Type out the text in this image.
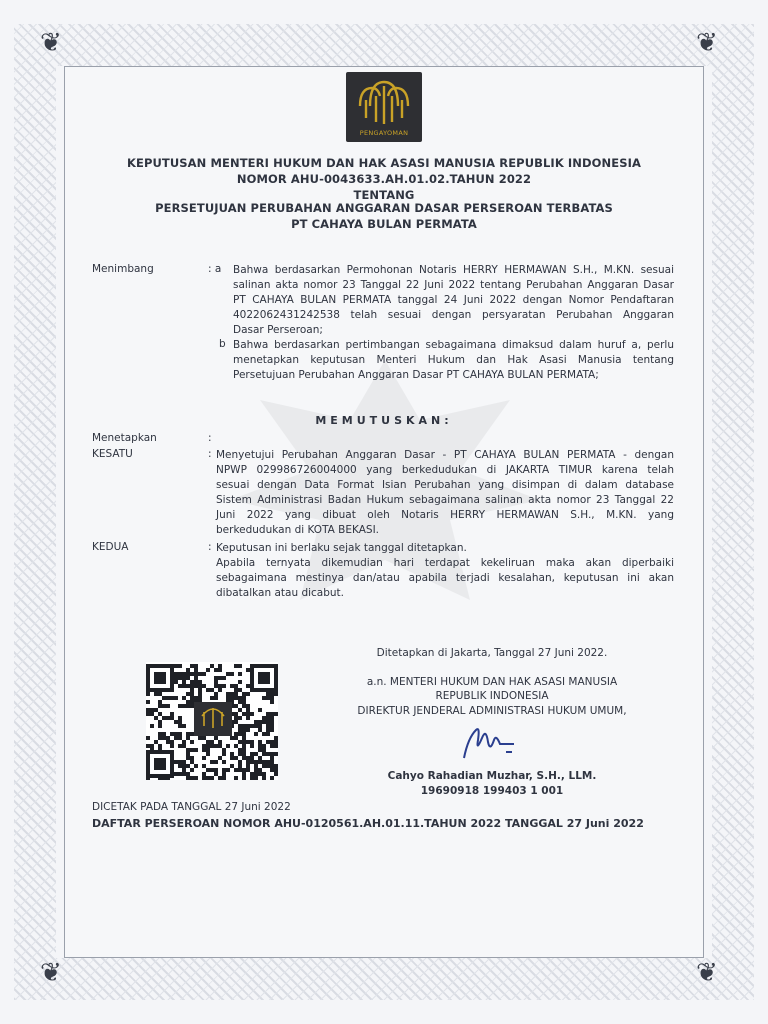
❦	❦
❦	❦
PENGAYOMAN
KEPUTUSAN MENTERI HUKUM DAN HAK ASASI MANUSIA REPUBLIK INDONESIA
NOMOR AHU-0043633.AH.01.02.TAHUN 2022
TENTANG
PERSETUJUAN PERUBAHAN ANGGARAN DASAR PERSEROAN TERBATAS
PT CAHAYA BULAN PERMATA
Menimbang	: a Bahwa berdasarkan Permohonan Notaris HERRY HERMAWAN S.H., M.KN. sesuai
salinan akta nomor 23 Tanggal 22 Juni 2022 tentang Perubahan Anggaran Dasar
PT CAHAYA BULAN PERMATA tanggal 24 Juni 2022 dengan Nomor Pendaftaran
4022062431242538 telah sesuai dengan persyaratan Perubahan Anggaran
Dasar Perseroan;
b Bahwa berdasarkan pertimbangan sebagaimana dimaksud dalam huruf a, perlu
menetapkan keputusan Menteri Hukum dan Hak Asasi Manusia tentang
Persetujuan Perubahan Anggaran Dasar PT CAHAYA BULAN PERMATA;
MEMUTUSKAN:
Menetapkan	:
KESATU	: Menyetujui Perubahan Anggaran Dasar - PT CAHAYA BULAN PERMATA - dengan
NPWP 029986726004000 yang berkedudukan di JAKARTA TIMUR karena telah
sesuai dengan Data Format Isian Perubahan yang disimpan di dalam database
Sistem Administrasi Badan Hukum sebagaimana salinan akta nomor 23 Tanggal 22
Juni 2022 yang dibuat oleh Notaris HERRY HERMAWAN S.H., M.KN. yang
berkedudukan di KOTA BEKASI.
KEDUA	: Keputusan ini berlaku sejak tanggal ditetapkan.
Apabila ternyata dikemudian hari terdapat kekeliruan maka akan diperbaiki
sebagaimana mestinya dan/atau apabila terjadi kesalahan, keputusan ini akan
dibatalkan atau dicabut.
Ditetapkan di Jakarta, Tanggal 27 Juni 2022.
a.n. MENTERI HUKUM DAN HAK ASASI MANUSIA
REPUBLIK INDONESIA
DIREKTUR JENDERAL ADMINISTRASI HUKUM UMUM,
Cahyo Rahadian Muzhar, S.H., LLM.
19690918 199403 1 001
DICETAK PADA TANGGAL 27 Juni 2022
DAFTAR PERSEROAN NOMOR AHU-0120561.AH.01.11.TAHUN 2022 TANGGAL 27 Juni 2022
